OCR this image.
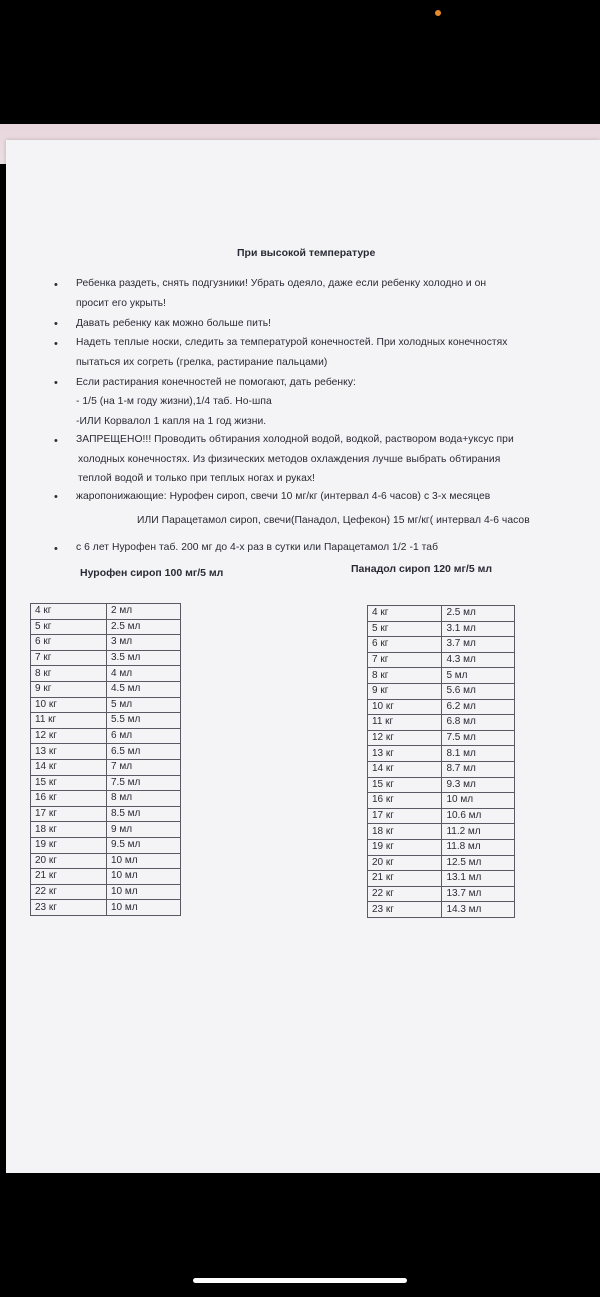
При высокой температуре
•
•
•
•
•
•
•
Ребенка раздеть, снять подгузники! Убрать одеяло, даже если ребенку холодно и он
просит его укрыть!
Давать ребенку как можно больше пить!
Надеть теплые носки, следить за температурой конечностей. При холодных конечностях
пытаться их согреть (грелка, растирание пальцами)
Если растирания конечностей не помогают, дать ребенку:
- 1/5 (на 1-м году жизни),1/4 таб. Но-шпа
-ИЛИ Корвалол 1 капля на 1 год жизни.
ЗАПРЕЩЕНО!!! Проводить обтирания холодной водой, водкой, раствором вода+уксус при
холодных конечностях. Из физических методов охлаждения лучше выбрать обтирания
теплой водой и только при теплых ногах и руках!
жаропонижающие: Нурофен сироп, свечи 10 мг/кг (интервал 4-6 часов) с 3-х месяцев
ИЛИ Парацетамол сироп, свечи(Панадол, Цефекон) 15 мг/кг( интервал 4-6 часов
с 6 лет Нурофен таб. 200 мг до 4-х раз в сутки или Парацетамол 1/2 -1 таб
Нурофен сироп 100 мг/5 мл	Панадол сироп 120 мг/5 мл
4 кг	2 мл
5 кг	2.5 мл
6 кг	3 мл
7 кг	3.5 мл
8 кг	4 мл
9 кг	4.5 мл
10 кг	5 мл
11 кг	5.5 мл
12 кг	6 мл
13 кг	6.5 мл
14 кг	7 мл
15 кг	7.5 мл
16 кг	8 мл
17 кг	8.5 мл
18 кг	9 мл
19 кг	9.5 мл
20 кг	10 мл
21 кг	10 мл
22 кг	10 мл
23 кг	10 мл
4 кг	2.5 мл
5 кг	3.1 мл
6 кг	3.7 мл
7 кг	4.3 мл
8 кг	5 мл
9 кг	5.6 мл
10 кг	6.2 мл
11 кг	6.8 мл
12 кг	7.5 мл
13 кг	8.1 мл
14 кг	8.7 мл
15 кг	9.3 мл
16 кг	10 мл
17 кг	10.6 мл
18 кг	11.2 мл
19 кг	11.8 мл
20 кг	12.5 мл
21 кг	13.1 мл
22 кг	13.7 мл
23 кг	14.3 мл
